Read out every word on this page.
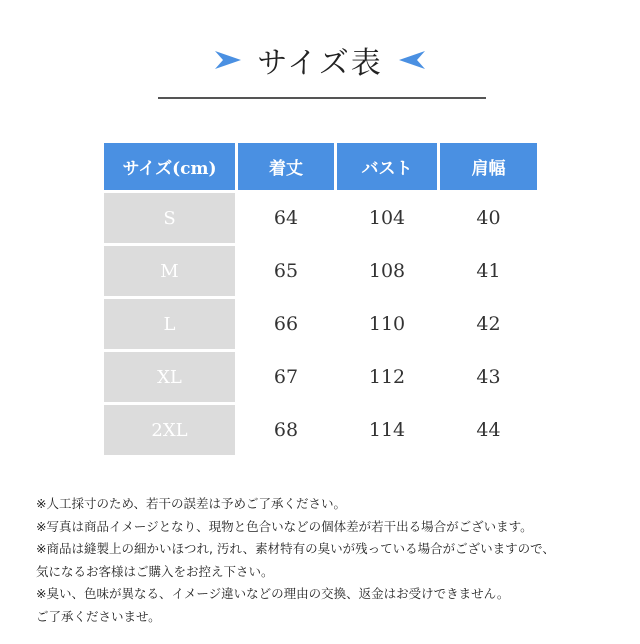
サイズ表
サイズ(cm)	着丈	バスト	肩幅
S	64	104	40
M	65	108	41
L	66	110	42
XL	67	112	43
2XL	68	114	44
※人工採寸のため、若干の誤差は予めご了承ください。
※写真は商品イメージとなり、現物と色合いなどの個体差が若干出る場合がございます。
※商品は縫製上の細かいほつれ, 汚れ、素材特有の臭いが残っている場合がございますので、
気になるお客様はご購入をお控え下さい。
※臭い、色味が異なる、イメージ違いなどの理由の交換、返金はお受けできません。
ご了承くださいませ。
